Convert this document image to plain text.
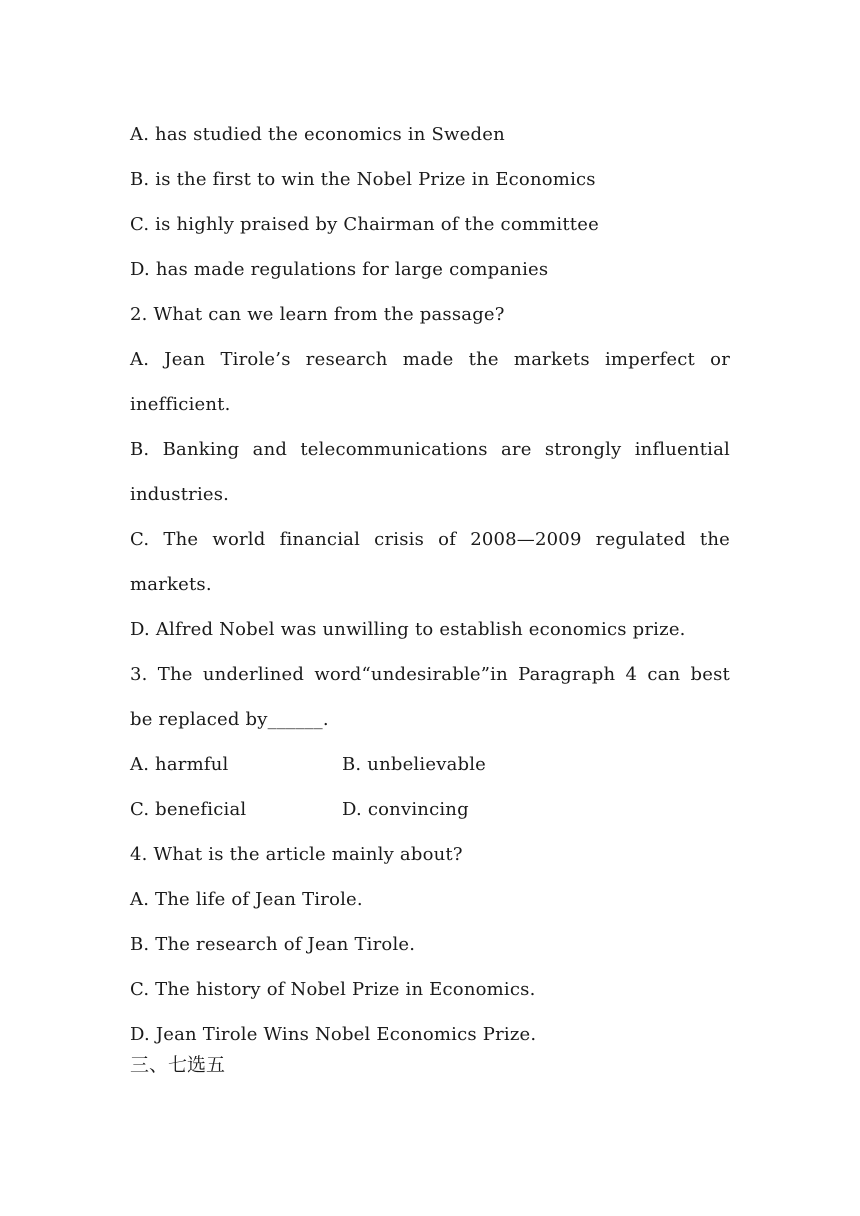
A. has studied the economics in Sweden
B. is the first to win the Nobel Prize in Economics
C. is highly praised by Chairman of the committee
D. has made regulations for large companies
2. What can we learn from the passage?
A. Jean Tirole’s research made the markets imperfect or
inefficient.
B. Banking and telecommunications are strongly influential
industries.
C. The world financial crisis of 2008—2009 regulated the
markets.
D. Alfred Nobel was unwilling to establish economics prize.
3. The underlined word“undesirable”in Paragraph 4 can best
be replaced by______.
A. harmful	B. unbelievable
C. beneficial	D. convincing
4. What is the article mainly about?
A. The life of Jean Tirole.
B. The research of Jean Tirole.
C. The history of Nobel Prize in Economics.
D. Jean Tirole Wins Nobel Economics Prize.
三、七选五
